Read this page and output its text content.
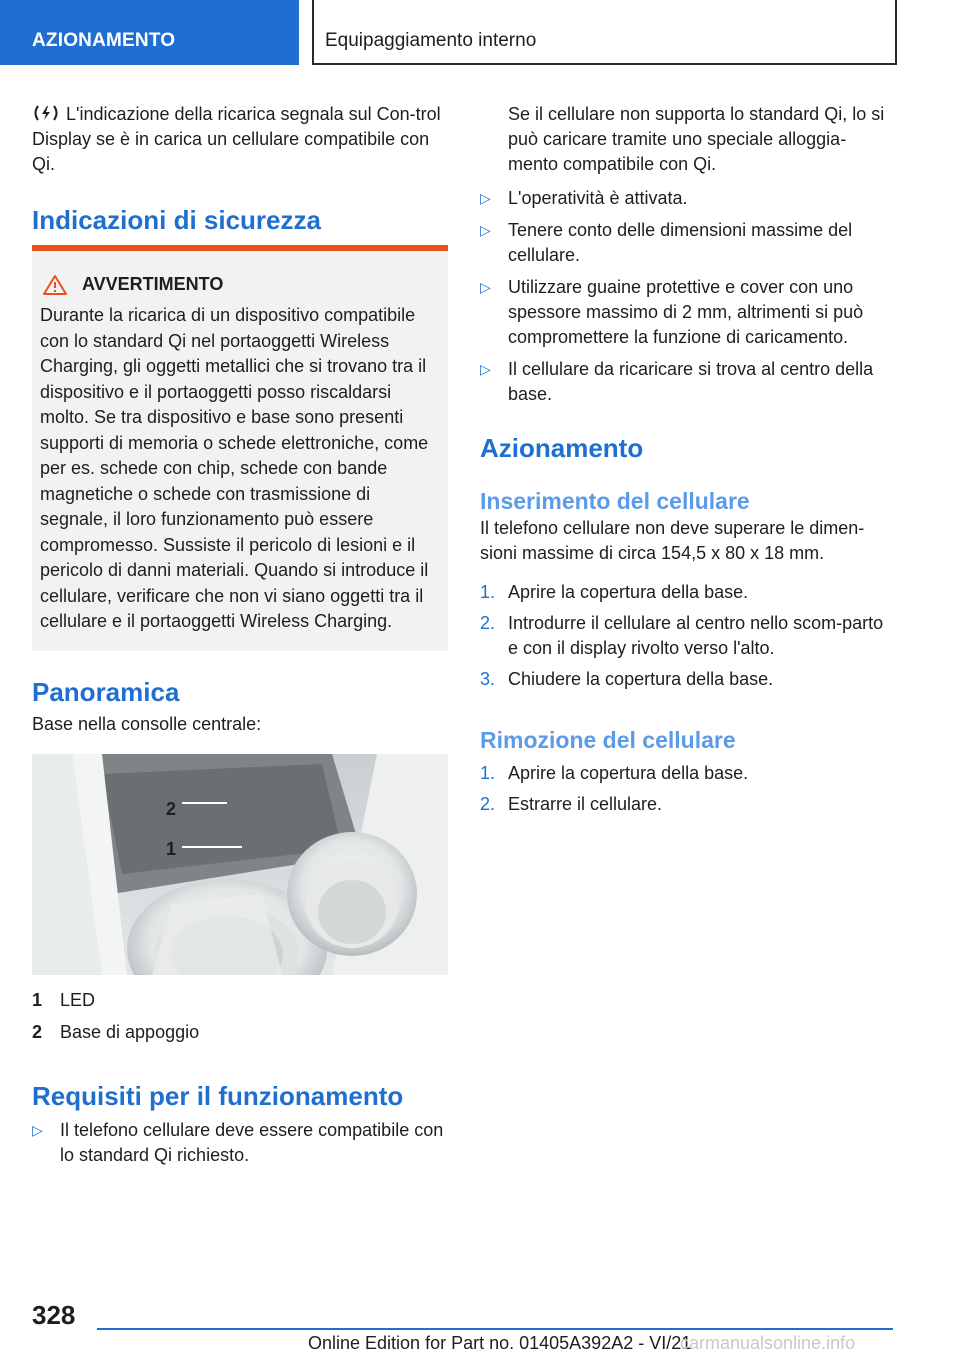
AZIONAMENTO	Equipaggiamento interno

L'indicazione della ricarica segnala sul Con-trol Display se è in carica un cellulare compatibile con Qi.

Indicazioni di sicurezza
AVVERTIMENTO

Durante la ricarica di un dispositivo compatibile con lo standard Qi nel portaoggetti Wireless Charging, gli oggetti metallici che si trovano tra il dispositivo e il portaoggetti posso riscaldarsi molto. Se tra dispositivo e base sono presenti supporti di memoria o schede elettroniche, come per es. schede con chip, schede con bande magnetiche o schede con trasmissione di segnale, il loro funzionamento può essere compromesso. Sussiste il pericolo di lesioni e il pericolo di danni materiali. Quando si introduce il cellulare, verificare che non vi siano oggetti tra il cellulare e il portaoggetti Wireless Charging.

Panoramica

Base nella consolle centrale:

2
1
1 LED
2 Base di appoggio
Requisiti per il funzionamento
▷ Il telefono cellulare deve essere compatibile con lo standard Qi richiesto.

Se il cellulare non supporta lo standard Qi, lo si può caricare tramite uno speciale alloggia-mento compatibile con Qi.

▷ L'operatività è attivata.
▷ Tenere conto delle dimensioni massime del cellulare.
▷ Utilizzare guaine protettive e cover con uno spessore massimo di 2 mm, altrimenti si può compromettere la funzione di caricamento.
▷ Il cellulare da ricaricare si trova al centro della base.
Azionamento
Inserimento del cellulare

Il telefono cellulare non deve superare le dimen-sioni massime di circa 154,5 x 80 x 18 mm.

1. Aprire la copertura della base.
2. Introdurre il cellulare al centro nello scom-parto e con il display rivolto verso l'alto.
3. Chiudere la copertura della base.
Rimozione del cellulare
1. Aprire la copertura della base.
2. Estrarre il cellulare.
328
Online Edition for Part no. 01405A392A2 - VI/21
carmanualsonline.info
